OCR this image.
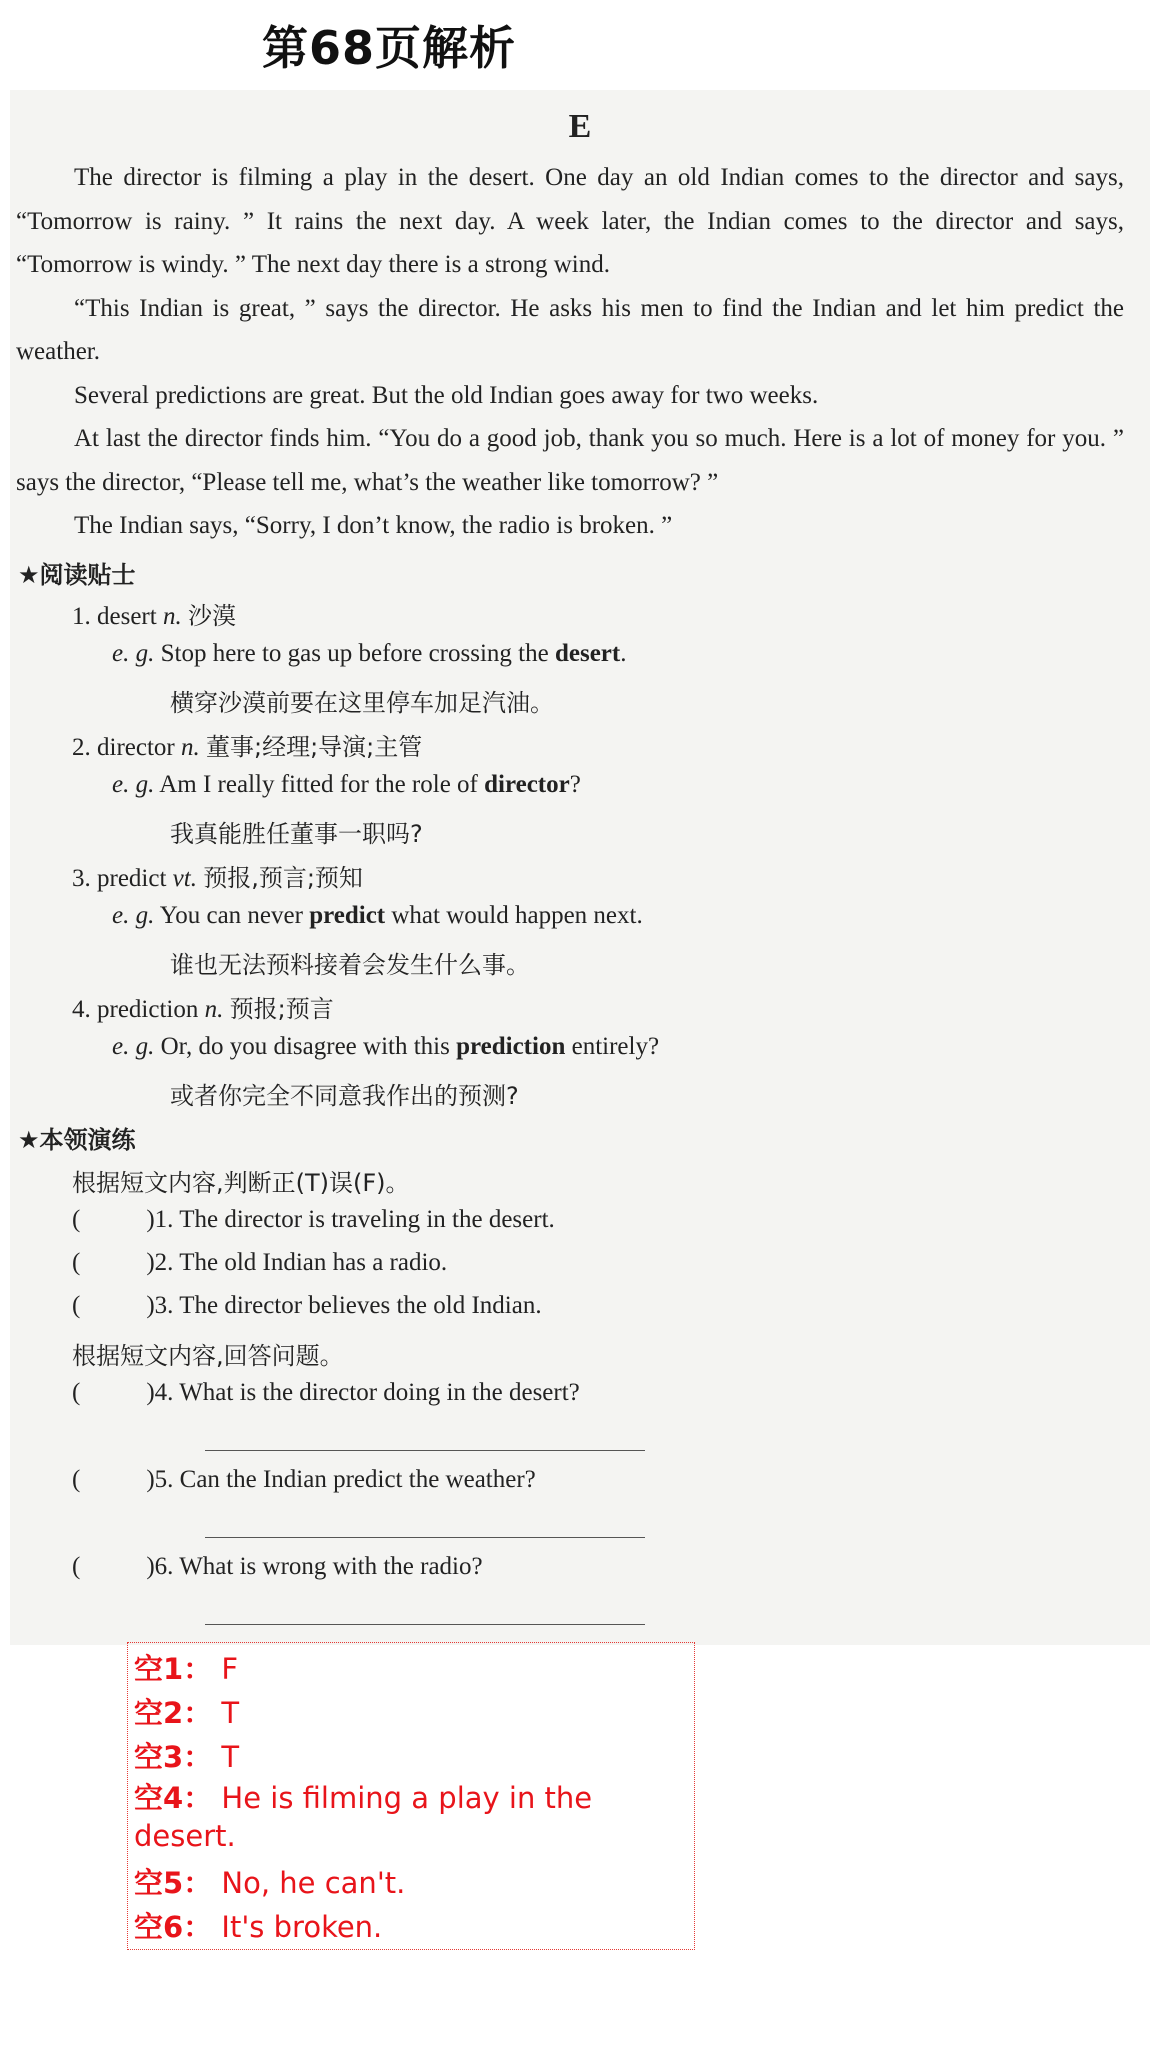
第68页解析
E

The director is filming a play in the desert. One day an old Indian comes to the director and says, “Tomorrow is rainy. ” It rains the next day. A week later, the Indian comes to the director and says, “Tomorrow is windy. ” The next day there is a strong wind.

“This Indian is great, ” says the director. He asks his men to find the Indian and let him predict the weather.

Several predictions are great. But the old Indian goes away for two weeks.

At last the director finds him. “You do a good job, thank you so much. Here is a lot of money for you. ” says the director, “Please tell me, what’s the weather like tomorrow? ”

The Indian says, “Sorry, I don’t know, the radio is broken. ”

★阅读贴士
1. desert n. 沙漠
e. g. Stop here to gas up before crossing the desert.
横穿沙漠前要在这里停车加足汽油。
2. director n. 董事;经理;导演;主管
e. g. Am I really fitted for the role of director?
我真能胜任董事一职吗?
3. predict vt. 预报,预言;预知
e. g. You can never predict what would happen next.
谁也无法预料接着会发生什么事。
4. prediction n. 预报;预言
e. g. Or, do you disagree with this prediction entirely?
或者你完全不同意我作出的预测?
★本领演练
根据短文内容,判断正(T)误(F)。
(	)1. The director is traveling in the desert.
(	)2. The old Indian has a radio.
(	)3. The director believes the old Indian.
根据短文内容,回答问题。
(	)4. What is the director doing in the desert?
(	)5. Can the Indian predict the weather?
(	)6. What is wrong with the radio?
空1： F
空2： T
空3： T
空4： He is filming a play in the desert.
空5： No, he can't.
空6： It's broken.
